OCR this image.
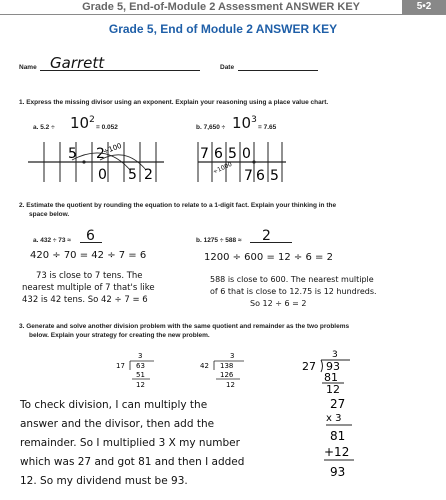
Grade 5, End-of-Module 2 Assessment ANSWER KEY	5•2
Grade 5, End of Module 2 ANSWER KEY
Name Garrett	Date
1. Express the missing divisor using an exponent. Explain your reasoning using a place value chart.
a. $5.2 \div 10^2$
= 0.052	b. $7,650 \div 10^3$
= 7.65
5 2
÷100
0 5 2
7 6 5 0
÷1000 7 6 5
2. Estimate the quotient by rounding the equation to relate to a 1-digit fact. Explain your thinking in the
space below.
a. 432 ÷ 73 ≈ 6
420 ÷ 70 = 42 ÷ 7 = 6
73 is close to 7 tens. The
nearest multiple of 7 that's like
432 is 42 tens. So 42 ÷ 7 = 6
b. 1275 ÷ 588 ≈ 2
1200 ÷ 600 = 12 ÷ 6 = 2
588 is close to 600. The nearest multiple
of 6 that is close to 12.75 is 12 hundreds.
So 12 ÷ 6 = 2
3. Generate and solve another division problem with the same quotient and remainder as the two problems
below. Explain your strategy for creating the new problem.
3
17 63
51
12
3
42 138
126
12
3
27 93
81
12
To check division, I can multiply the
answer and the divisor, then add the
remainder. So I multiplied 3 X my number
which was 27 and got 81 and then I added
12. So my dividend must be 93.
27
x 3
81
+12
93
